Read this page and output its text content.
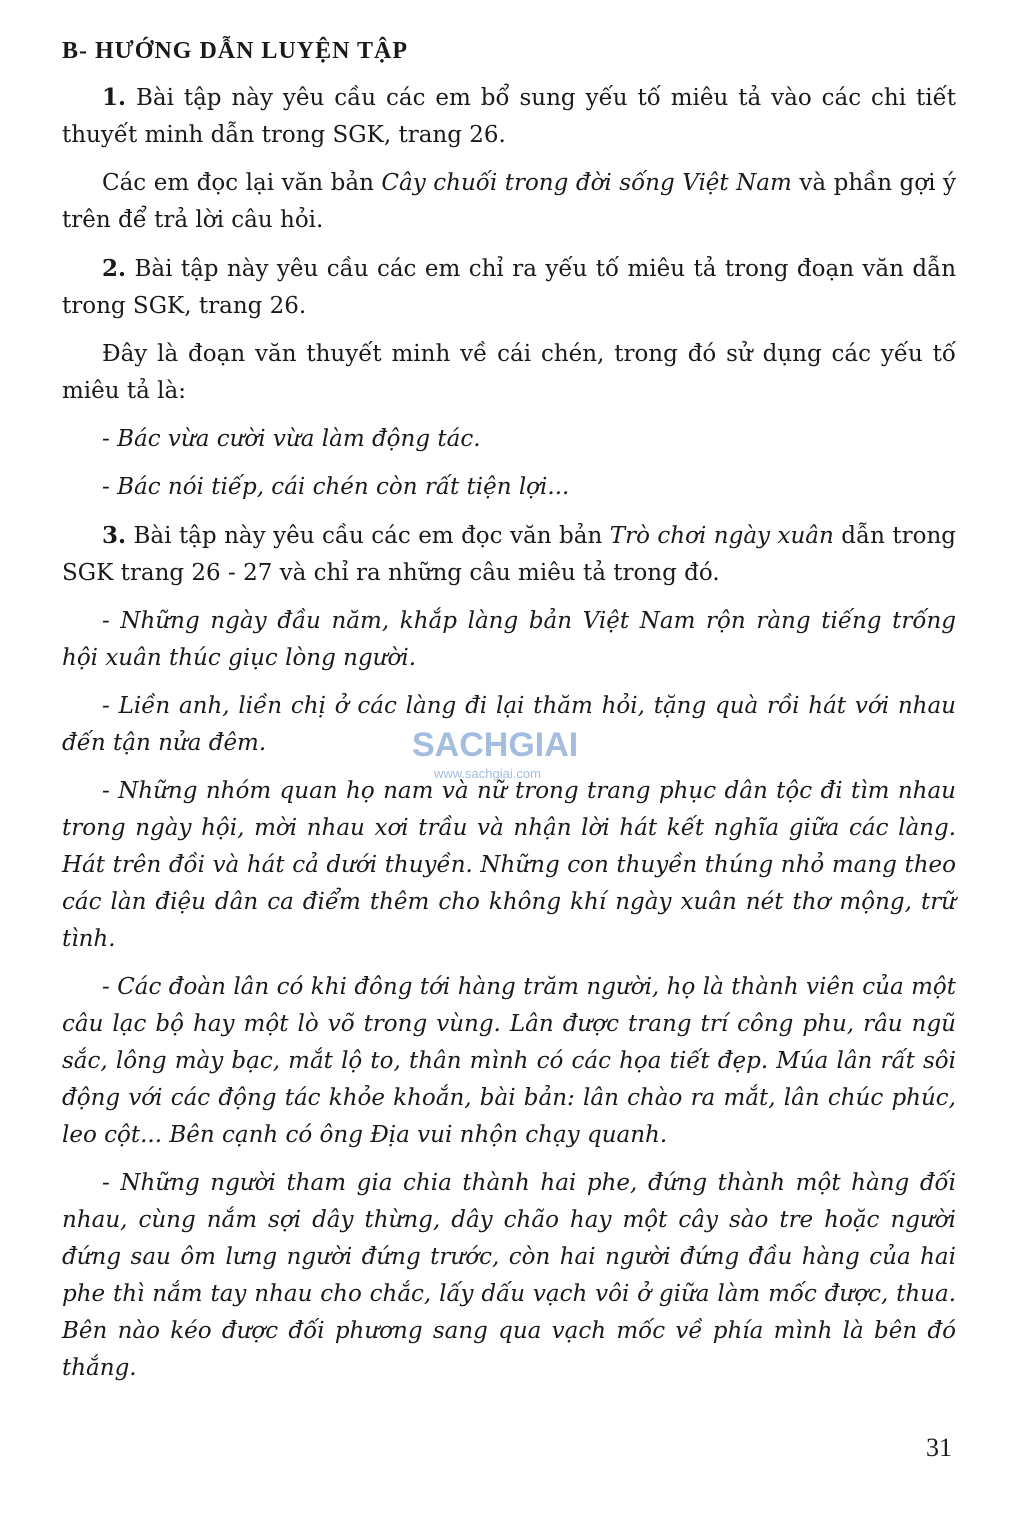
B- HƯỚNG DẪN LUYỆN TẬP

1. Bài tập này yêu cầu các em bổ sung yếu tố miêu tả vào các chi tiết thuyết minh dẫn trong SGK, trang 26.

Các em đọc lại văn bản Cây chuối trong đời sống Việt Nam và phần gợi ý trên để trả lời câu hỏi.

2. Bài tập này yêu cầu các em chỉ ra yếu tố miêu tả trong đoạn văn dẫn trong SGK, trang 26.

Đây là đoạn văn thuyết minh về cái chén, trong đó sử dụng các yếu tố miêu tả là:

- Bác vừa cười vừa làm động tác.

- Bác nói tiếp, cái chén còn rất tiện lợi...

3. Bài tập này yêu cầu các em đọc văn bản Trò chơi ngày xuân dẫn trong SGK trang 26 - 27 và chỉ ra những câu miêu tả trong đó.

- Những ngày đầu năm, khắp làng bản Việt Nam rộn ràng tiếng trống hội xuân thúc giục lòng người.

- Liền anh, liền chị ở các làng đi lại thăm hỏi, tặng quà rồi hát với nhau đến tận nửa đêm.

- Những nhóm quan họ nam và nữ trong trang phục dân tộc đi tìm nhau trong ngày hội, mời nhau xơi trầu và nhận lời hát kết nghĩa giữa các làng. Hát trên đồi và hát cả dưới thuyền. Những con thuyền thúng nhỏ mang theo các làn điệu dân ca điểm thêm cho không khí ngày xuân nét thơ mộng, trữ tình.

- Các đoàn lân có khi đông tới hàng trăm người, họ là thành viên của một câu lạc bộ hay một lò võ trong vùng. Lân được trang trí công phu, râu ngũ sắc, lông mày bạc, mắt lộ to, thân mình có các họa tiết đẹp. Múa lân rất sôi động với các động tác khỏe khoắn, bài bản: lân chào ra mắt, lân chúc phúc, leo cột... Bên cạnh có ông Địa vui nhộn chạy quanh.

- Những người tham gia chia thành hai phe, đứng thành một hàng đối nhau, cùng nắm sợi dây thừng, dây chão hay một cây sào tre hoặc người đứng sau ôm lưng người đứng trước, còn hai người đứng đầu hàng của hai phe thì nắm tay nhau cho chắc, lấy dấu vạch vôi ở giữa làm mốc được, thua. Bên nào kéo được đối phương sang qua vạch mốc về phía mình là bên đó thắng.

SACHGIAI
www.sachgiai.com
31
